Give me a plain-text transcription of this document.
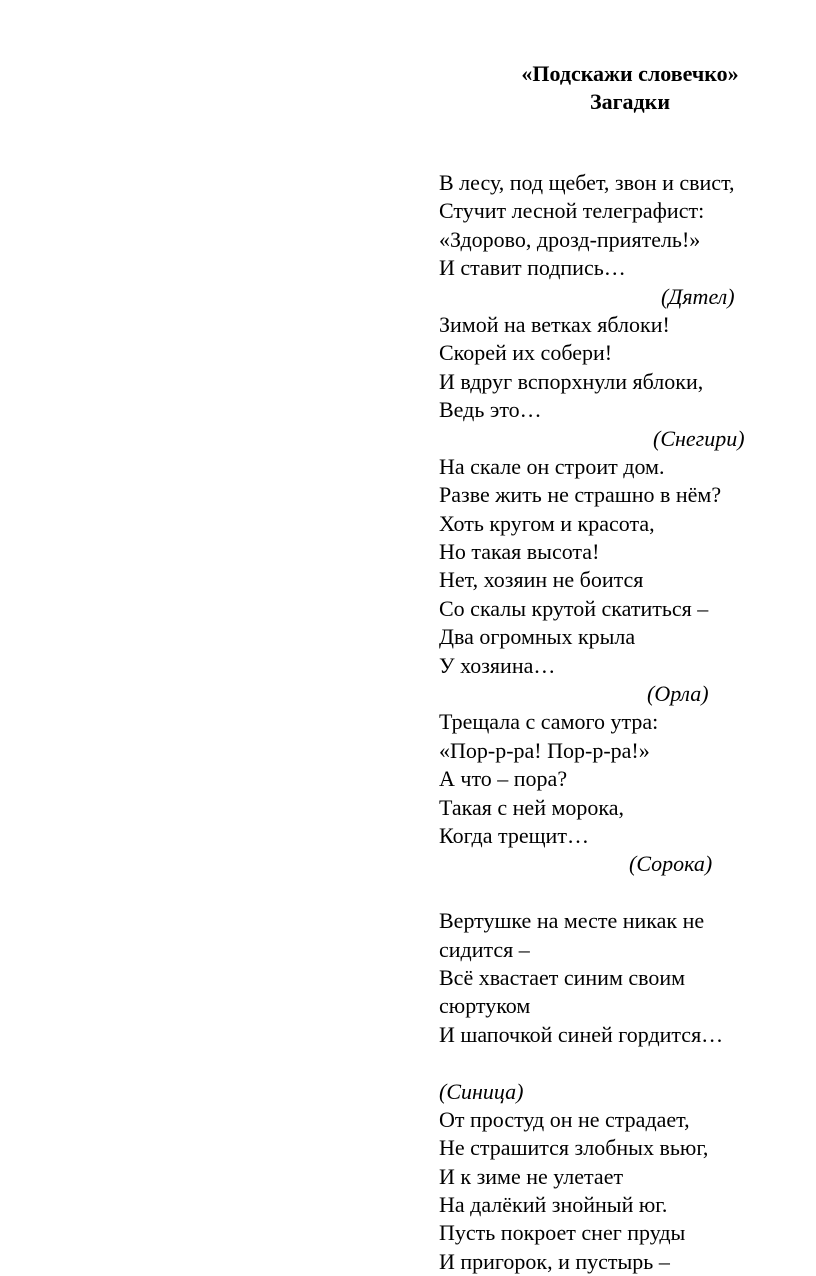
«Подскажи словечко»
Загадки
В лесу, под щебет, звон и свист,
Стучит лесной телеграфист:
«Здорово, дрозд-приятель!»
И ставит подпись…
(Дятел)
Зимой на ветках яблоки!
Скорей их собери!
И вдруг вспорхнули яблоки,
Ведь это…
(Снегири)
На скале он строит дом.
Разве жить не страшно в нём?
Хоть кругом и красота,
Но такая высота!
Нет, хозяин не боится
Со скалы крутой скатиться –
Два огромных крыла
У хозяина…
(Орла)
Трещала с самого утра:
«Пор-р-ра! Пор-р-ра!»
А что – пора?
Такая с ней морока,
Когда трещит…
(Сорока)
Вертушке на месте никак не
сидится –
Всё хвастает синим своим
сюртуком
И шапочкой синей гордится…
(Синица)
От простуд он не страдает,
Не страшится злобных вьюг,
И к зиме не улетает
На далёкий знойный юг.
Пусть покроет снег пруды
И пригорок, и пустырь –
